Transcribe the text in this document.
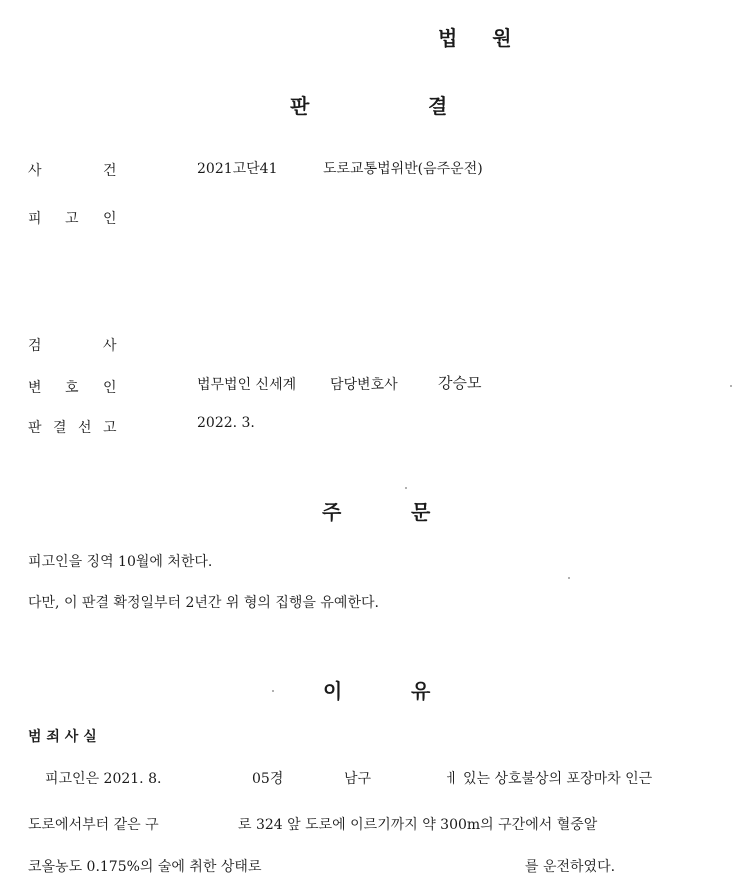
법 원
판	결
사	건	2021고단41	도로교통법위반(음주운전)
피 고 인
검	사
변 호 인	법무법인 신세계 담당변호사	강승모
판 결 선 고	2022. 3.
주	문
피고인을 징역 10월에 처한다.
다만, 이 판결 확정일부터 2년간 위 형의 집행을 유예한다.
이	유
범 죄 사 실
피고인은 2021. 8.	05경	남구	ㅔ 있는 상호불상의 포장마차 인근
도로에서부터 같은 구	로 324 앞 도로에 이르기까지 약 300m의 구간에서 혈중알
코올농도 0.175%의 술에 취한 상태로	를 운전하였다.
